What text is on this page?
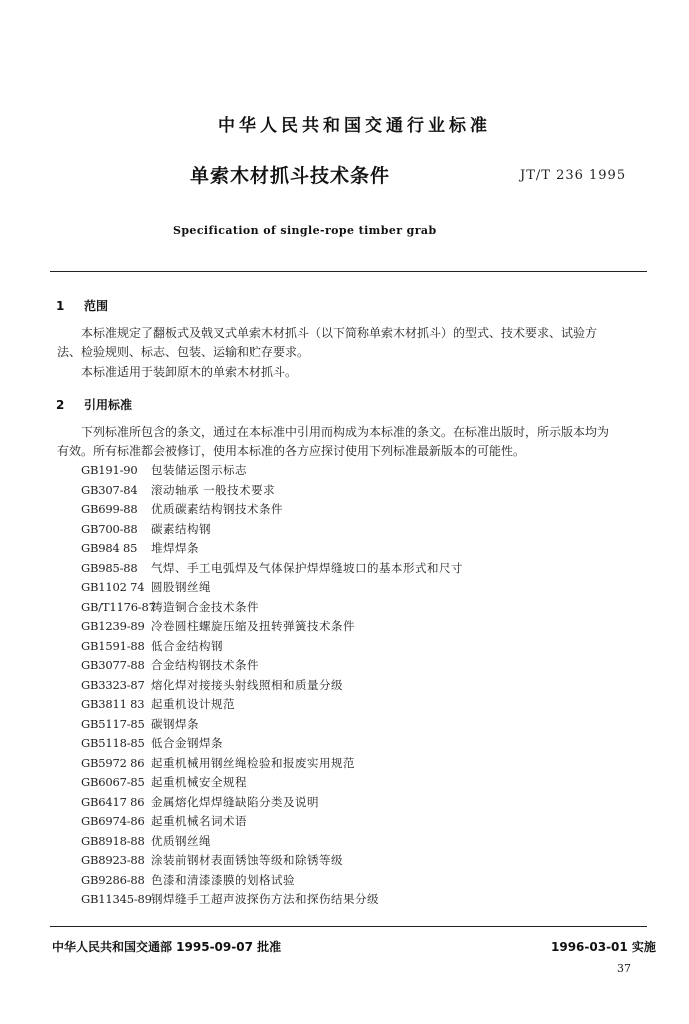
中华人民共和国交通行业标准
单索木材抓斗技术条件	JT/T 236 1995
Specification of single-rope timber grab
1 范围
本标准规定了翻板式及戟叉式单索木材抓斗（以下简称单索木材抓斗）的型式、技术要求、试验方
法、检验规则、标志、包装、运输和贮存要求。
本标准适用于装卸原木的单索木材抓斗。
2 引用标准
下列标准所包含的条文，通过在本标准中引用而构成为本标准的条文。在标准出版时，所示版本均为
有效。所有标准都会被修订，使用本标准的各方应探讨使用下列标准最新版本的可能性。
GB191-90 包装储运图示标志
GB307-84 滚动轴承 一般技术要求
GB699-88 优质碳素结构钢技术条件
GB700-88 碳素结构钢
GB984 85 堆焊焊条
GB985-88 气焊、手工电弧焊及气体保护焊焊缝坡口的基本形式和尺寸
GB1102 74 圆股钢丝绳
GB/T1176-87铸造铜合金技术条件
GB1239-89 冷卷圆柱螺旋压缩及扭转弹簧技术条件
GB1591-88 低合金结构钢
GB3077-88 合金结构钢技术条件
GB3323-87 熔化焊对接接头射线照相和质量分级
GB3811 83 起重机设计规范
GB5117-85 碳钢焊条
GB5118-85 低合金钢焊条
GB5972 86 起重机械用钢丝绳检验和报废实用规范
GB6067-85 起重机械安全规程
GB6417 86 金属熔化焊焊缝缺陷分类及说明
GB6974-86 起重机械名词术语
GB8918-88 优质钢丝绳
GB8923-88 涂装前钢材表面锈蚀等级和除锈等级
GB9286-88 色漆和清漆漆膜的划格试验
GB11345-89钢焊缝手工超声波探伤方法和探伤结果分级
中华人民共和国交通部 1995-09-07 批准	1996-03-01 实施
37
